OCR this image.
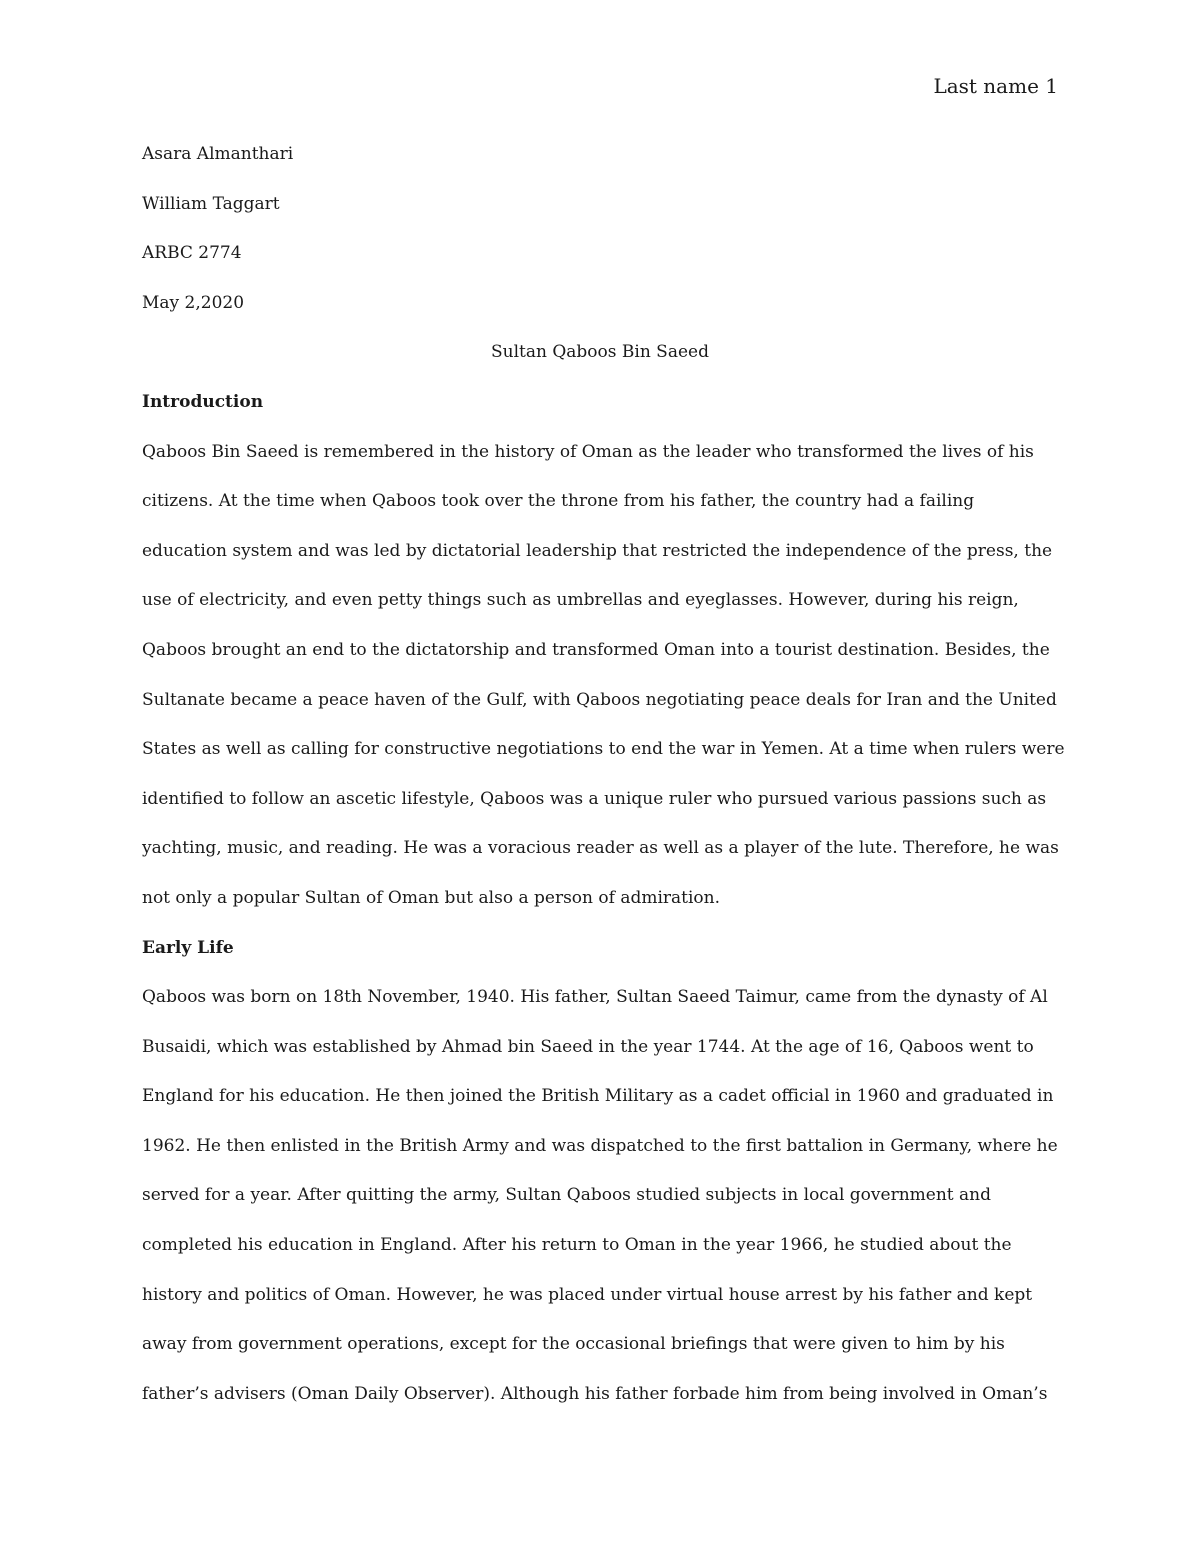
Last name 1
Asara Almanthari
William Taggart
ARBC 2774
May 2,2020
Sultan Qaboos Bin Saeed
Introduction
Qaboos Bin Saeed is remembered in the history of Oman as the leader who transformed the lives of his
citizens. At the time when Qaboos took over the throne from his father, the country had a failing
education system and was led by dictatorial leadership that restricted the independence of the press, the
use of electricity, and even petty things such as umbrellas and eyeglasses. However, during his reign,
Qaboos brought an end to the dictatorship and transformed Oman into a tourist destination. Besides, the
Sultanate became a peace haven of the Gulf, with Qaboos negotiating peace deals for Iran and the United
States as well as calling for constructive negotiations to end the war in Yemen. At a time when rulers were
identified to follow an ascetic lifestyle, Qaboos was a unique ruler who pursued various passions such as
yachting, music, and reading. He was a voracious reader as well as a player of the lute. Therefore, he was
not only a popular Sultan of Oman but also a person of admiration.
Early Life
Qaboos was born on 18th November, 1940. His father, Sultan Saeed Taimur, came from the dynasty of Al
Busaidi, which was established by Ahmad bin Saeed in the year 1744. At the age of 16, Qaboos went to
England for his education. He then joined the British Military as a cadet official in 1960 and graduated in
1962. He then enlisted in the British Army and was dispatched to the first battalion in Germany, where he
served for a year. After quitting the army, Sultan Qaboos studied subjects in local government and
completed his education in England. After his return to Oman in the year 1966, he studied about the
history and politics of Oman. However, he was placed under virtual house arrest by his father and kept
away from government operations, except for the occasional briefings that were given to him by his
father’s advisers (Oman Daily Observer). Although his father forbade him from being involved in Oman’s
